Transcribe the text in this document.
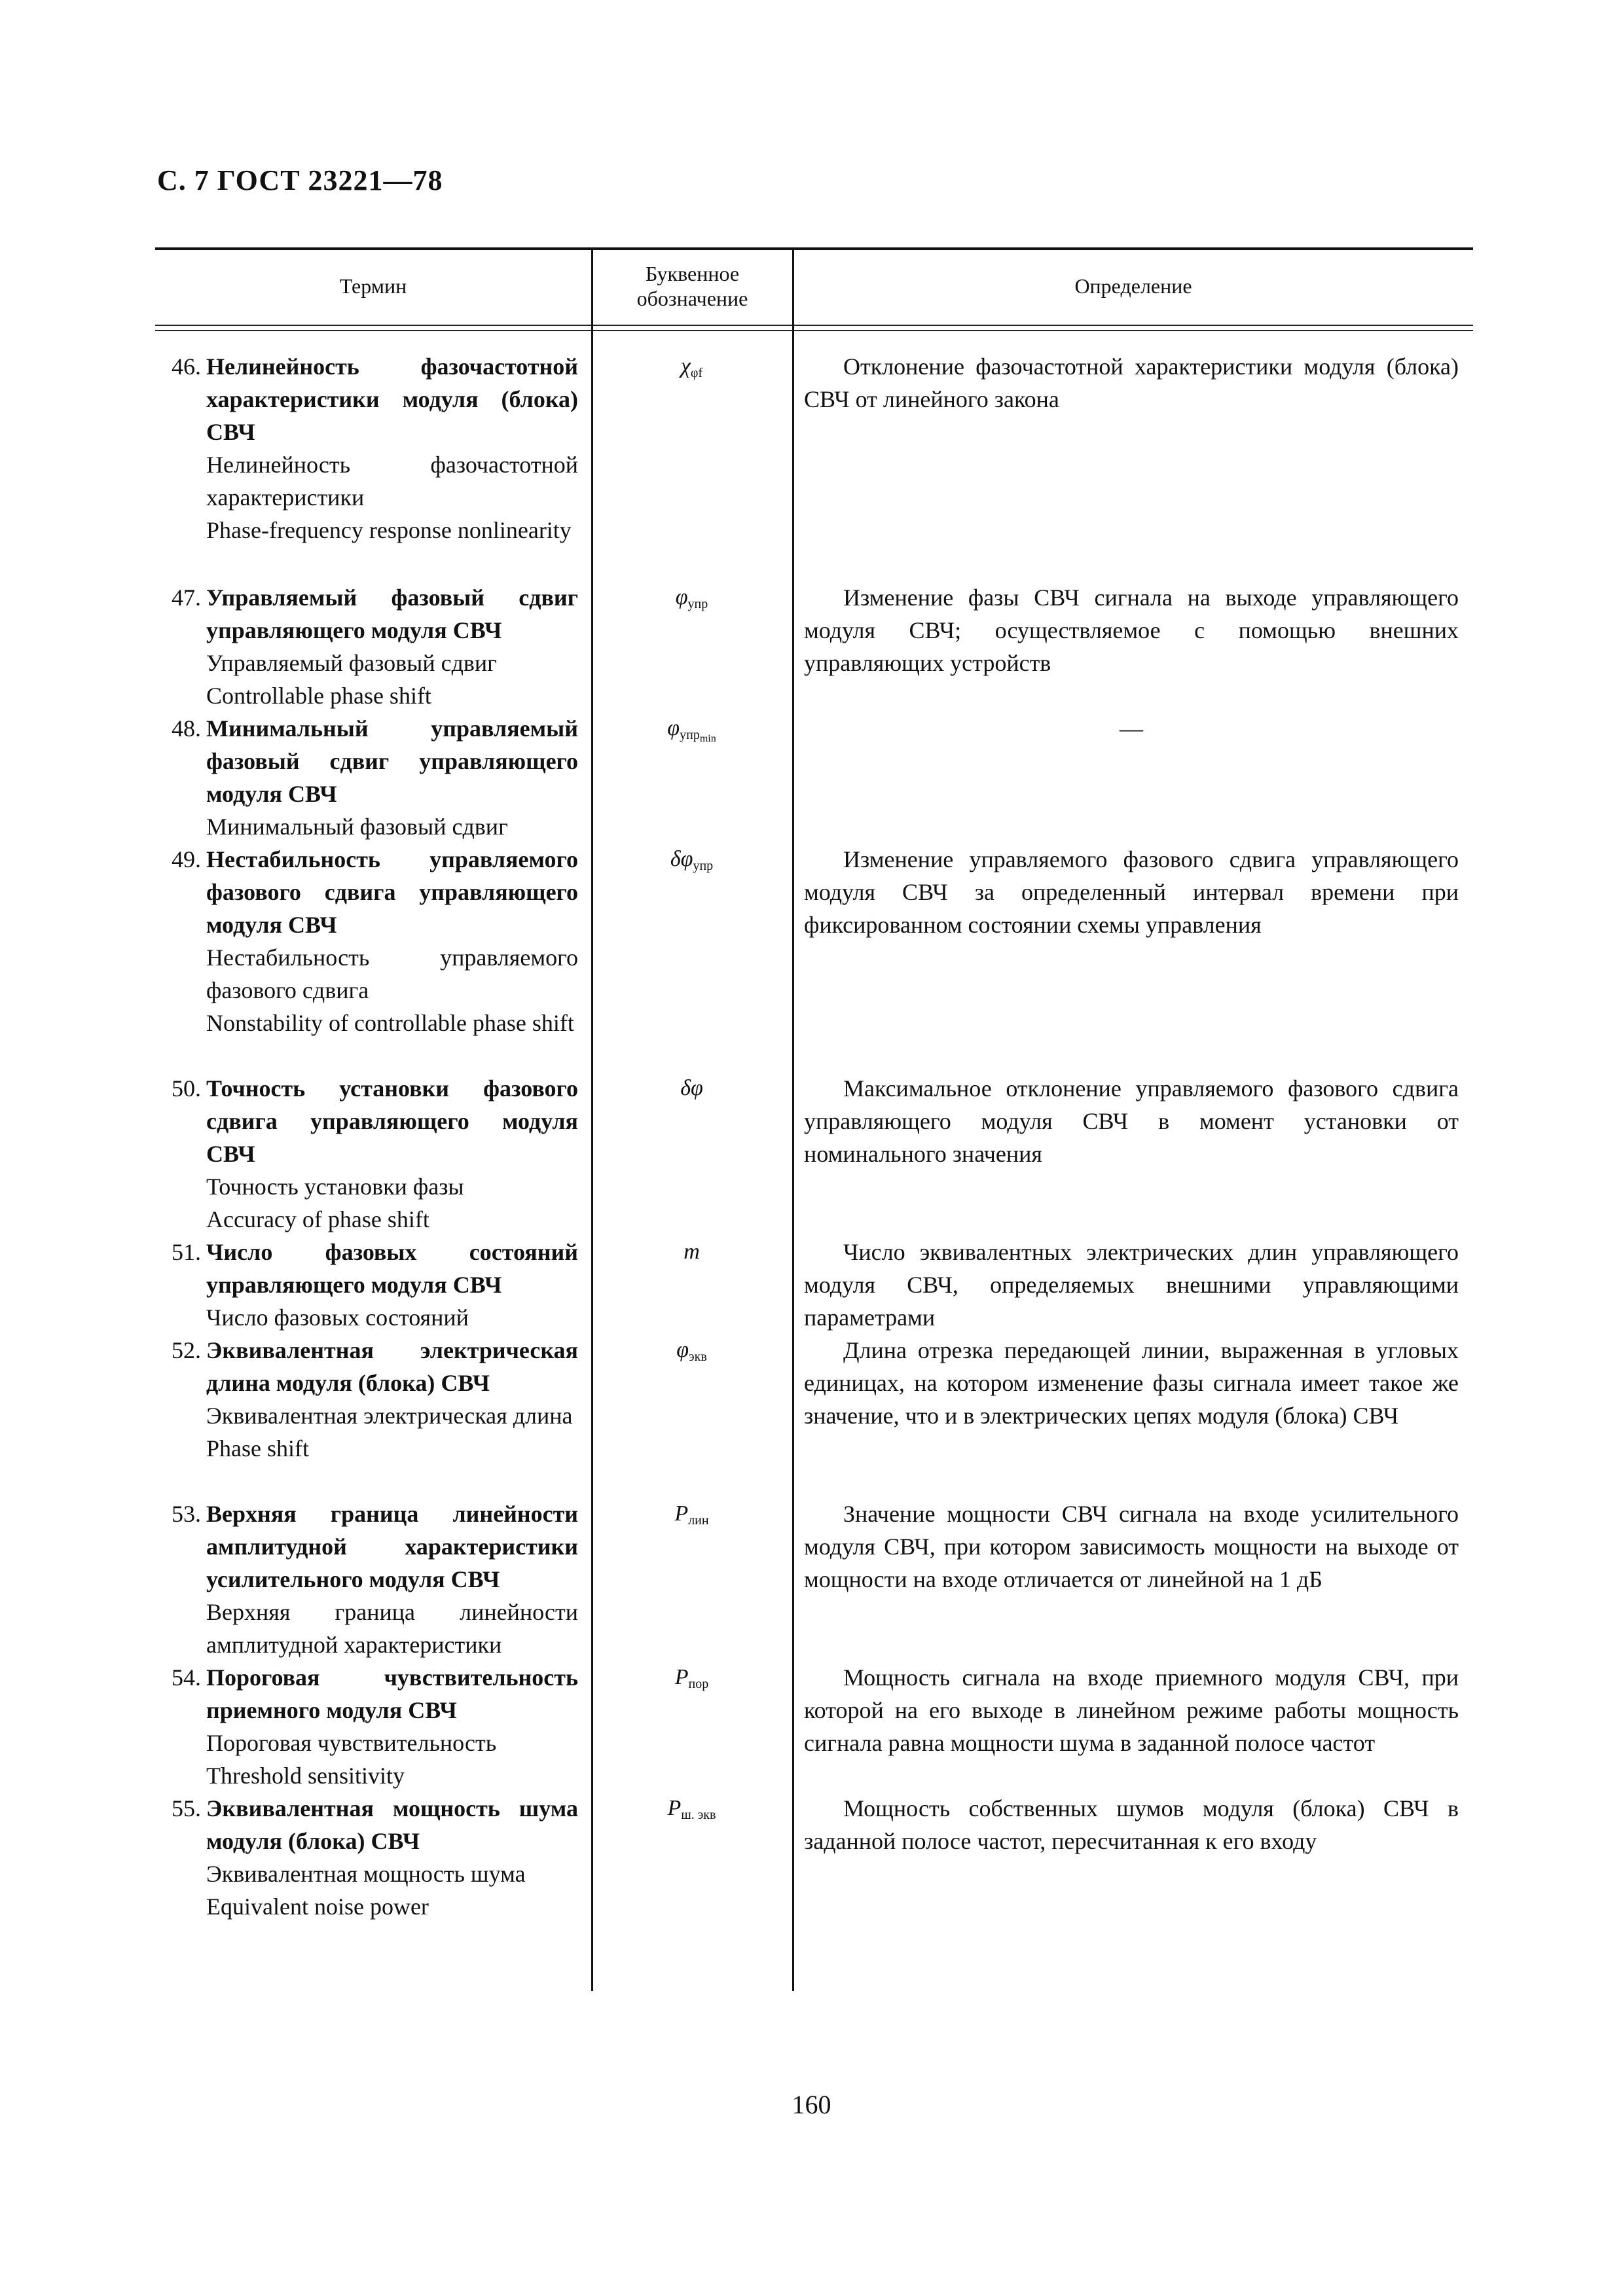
С. 7 ГОСТ 23221—78
Термин
Буквенное обозначение
Определение
46. Нелинейность фазочастотной характеристики модуля (блока) СВЧ
Нелинейность фазочастотной характеристики
Phase-frequency response nonlinearity
$\chi_{\varphi f}$	Отклонение фазочастотной характеристики модуля (блока) СВЧ от линейного закона
47. Управляемый фазовый сдвиг управляющего модуля СВЧ
Управляемый фазовый сдвиг
Controllable phase shift
$\varphi_{упр}$	Изменение фазы СВЧ сигнала на выходе управляющего модуля СВЧ; осуществляемое с помощью внешних управляющих устройств
48. Минимальный управляемый фазовый сдвиг управляющего модуля СВЧ
Минимальный фазовый сдвиг
$\varphi_{упр_{min}}$	—
49. Нестабильность управляемого фазового сдвига управляющего модуля СВЧ
Нестабильность управляемого фазового сдвига
Nonstability of controllable phase shift
$\delta\varphi_{упр}$	Изменение управляемого фазового сдвига управляющего модуля СВЧ за определенный интервал времени при фиксированном состоянии схемы управления
50. Точность установки фазового сдвига управляющего модуля СВЧ
Точность установки фазы
Accuracy of phase shift
δφ	Максимальное отклонение управляемого фазового сдвига управляющего модуля СВЧ в момент установки от номинального значения
51. Число фазовых состояний управляющего модуля СВЧ
Число фазовых состояний
m	Число эквивалентных электрических длин управляющего модуля СВЧ, определяемых внешними управляющими параметрами
52. Эквивалентная электрическая длина модуля (блока) СВЧ
Эквивалентная электрическая длина
Phase shift
$\varphi_{экв}$	Длина отрезка передающей линии, выраженная в угловых единицах, на котором изменение фазы сигнала имеет такое же значение, что и в электрических цепях модуля (блока) СВЧ
53. Верхняя граница линейности амплитудной характеристики усилительного модуля СВЧ
Верхняя граница линейности амплитудной характеристики
$P_{лин}$	Значение мощности СВЧ сигнала на входе усилительного модуля СВЧ, при котором зависимость мощности на выходе от мощности на входе отличается от линейной на 1 дБ
54. Пороговая чувствительность приемного модуля СВЧ
Пороговая чувствительность
Threshold sensitivity
$P_{пор}$	Мощность сигнала на входе приемного модуля СВЧ, при которой на его выходе в линейном режиме работы мощность сигнала равна мощности шума в заданной полосе частот
55. Эквивалентная мощность шума модуля (блока) СВЧ
Эквивалентная мощность шума
Equivalent noise power
$P_{ш. экв}$	Мощность собственных шумов модуля (блока) СВЧ в заданной полосе частот, пересчитанная к его входу
160
